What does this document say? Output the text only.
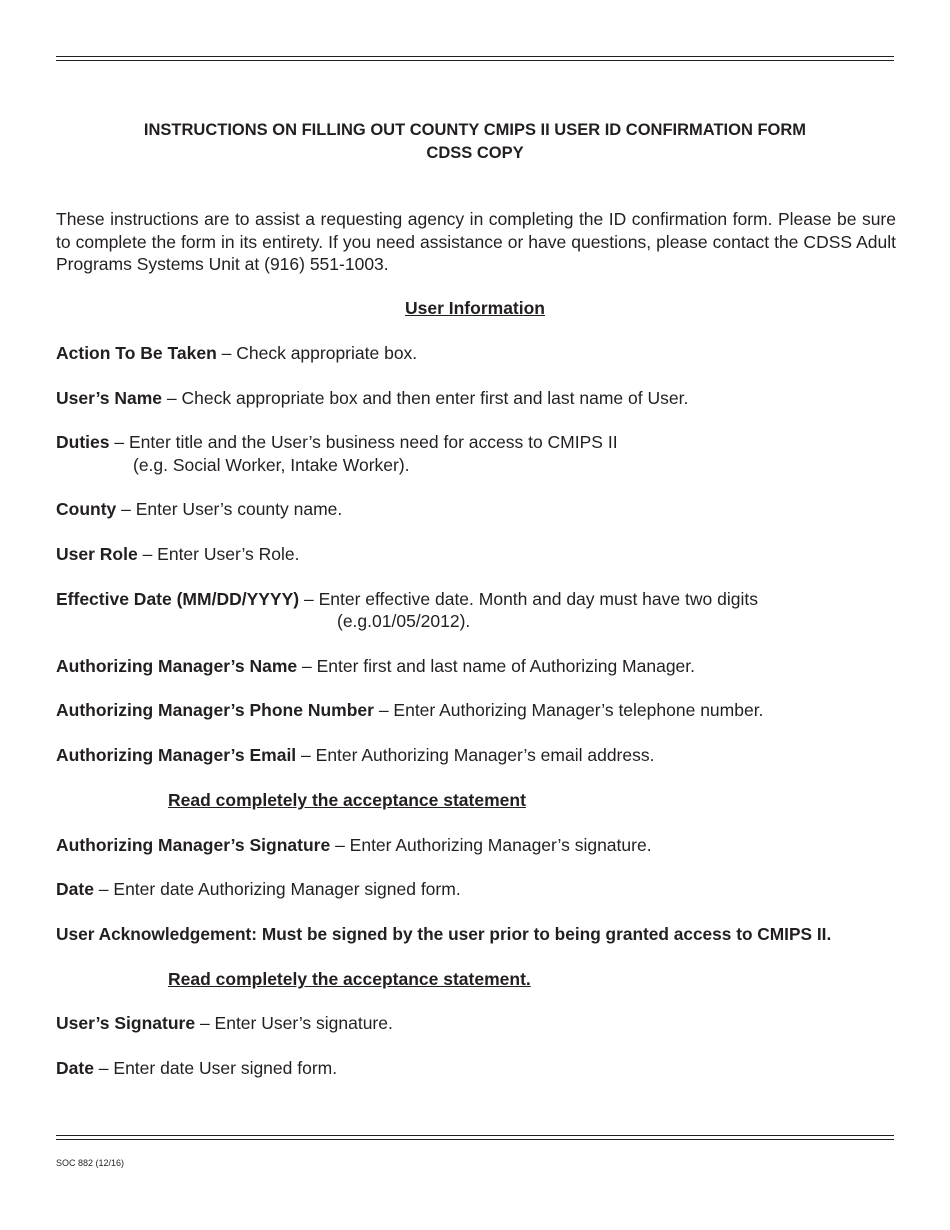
INSTRUCTIONS ON FILLING OUT COUNTY CMIPS II USER ID CONFIRMATION FORM
CDSS COPY
These instructions are to assist a requesting agency in completing the ID confirmation form. Please be sure to complete the form in its entirety. If you need assistance or have questions, please contact the CDSS Adult Programs Systems Unit at (916) 551-1003.
User Information
Action To Be Taken – Check appropriate box.
User’s Name – Check appropriate box and then enter first and last name of User.
Duties – Enter title and the User’s business need for access to CMIPS II
(e.g. Social Worker, Intake Worker).
County – Enter User’s county name.
User Role – Enter User’s Role.
Effective Date (MM/DD/YYYY) – Enter effective date. Month and day must have two digits
(e.g.01/05/2012).
Authorizing Manager’s Name – Enter first and last name of Authorizing Manager.
Authorizing Manager’s Phone Number – Enter Authorizing Manager’s telephone number.
Authorizing Manager’s Email – Enter Authorizing Manager’s email address.
Read completely the acceptance statement
Authorizing Manager’s Signature – Enter Authorizing Manager’s signature.
Date – Enter date Authorizing Manager signed form.
User Acknowledgement: Must be signed by the user prior to being granted access to CMIPS II.
Read completely the acceptance statement.
User’s Signature – Enter User’s signature.
Date – Enter date User signed form.
SOC 882 (12/16)
